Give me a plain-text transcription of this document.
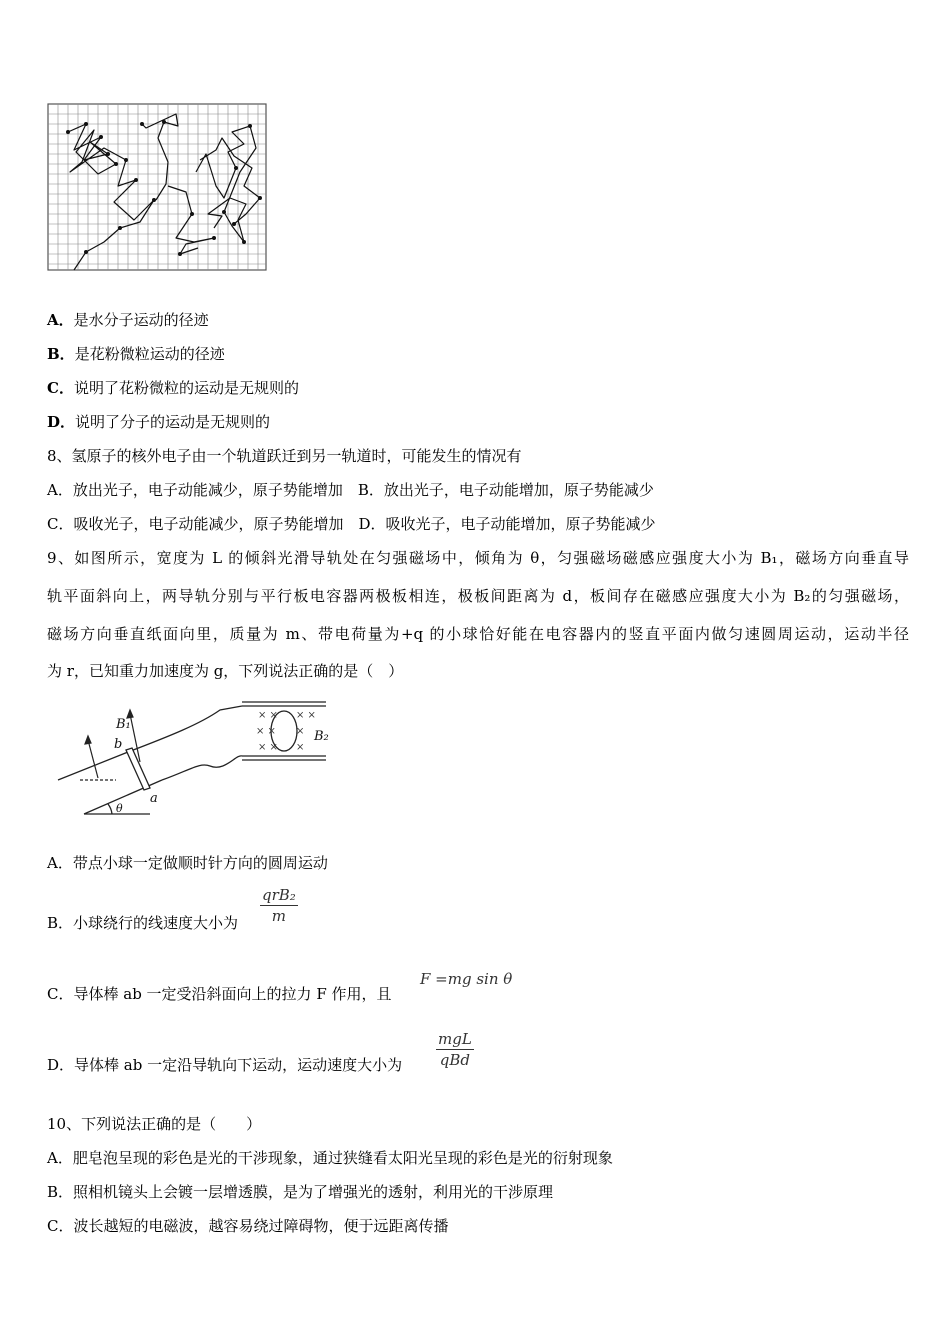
A．是水分子运动的径迹
B．是花粉微粒运动的径迹
C．说明了花粉微粒的运动是无规则的
D．说明了分子的运动是无规则的
8、氢原子的核外电子由一个轨道跃迁到另一轨道时，可能发生的情况有
A．放出光子，电子动能减少，原子势能增加　B．放出光子，电子动能增加，原子势能减少
C．吸收光子，电子动能减少，原子势能增加　D．吸收光子，电子动能增加，原子势能减少
9、如图所示，宽度为 L 的倾斜光滑导轨处在匀强磁场中，倾角为 θ，匀强磁场磁感应强度大小为 B₁，磁场方向垂直导
轨平面斜向上，两导轨分别与平行板电容器两极板相连，极板间距离为 d，板间存在磁感应强度大小为 B₂的匀强磁场，
磁场方向垂直纸面向里，质量为 m、带电荷量为+q 的小球恰好能在电容器内的竖直平面内做匀速圆周运动，运动半径
为 r，已知重力加速度为 g，下列说法正确的是（　）
× × × ×
× × ×
× × ×
B₁
B₂
b
a
θ
A．带点小球一定做顺时针方向的圆周运动
B．小球绕行的线速度大小为
qrB₂
m
C．导体棒 ab 一定受沿斜面向上的拉力 F 作用，且
F =mg sin θ
D．导体棒 ab 一定沿导轨向下运动，运动速度大小为
mgL
qBd
10、下列说法正确的是（　　）
A．肥皂泡呈现的彩色是光的干涉现象，通过狭缝看太阳光呈现的彩色是光的衍射现象
B．照相机镜头上会镀一层增透膜，是为了增强光的透射，利用光的干涉原理
C．波长越短的电磁波，越容易绕过障碍物，便于远距离传播
